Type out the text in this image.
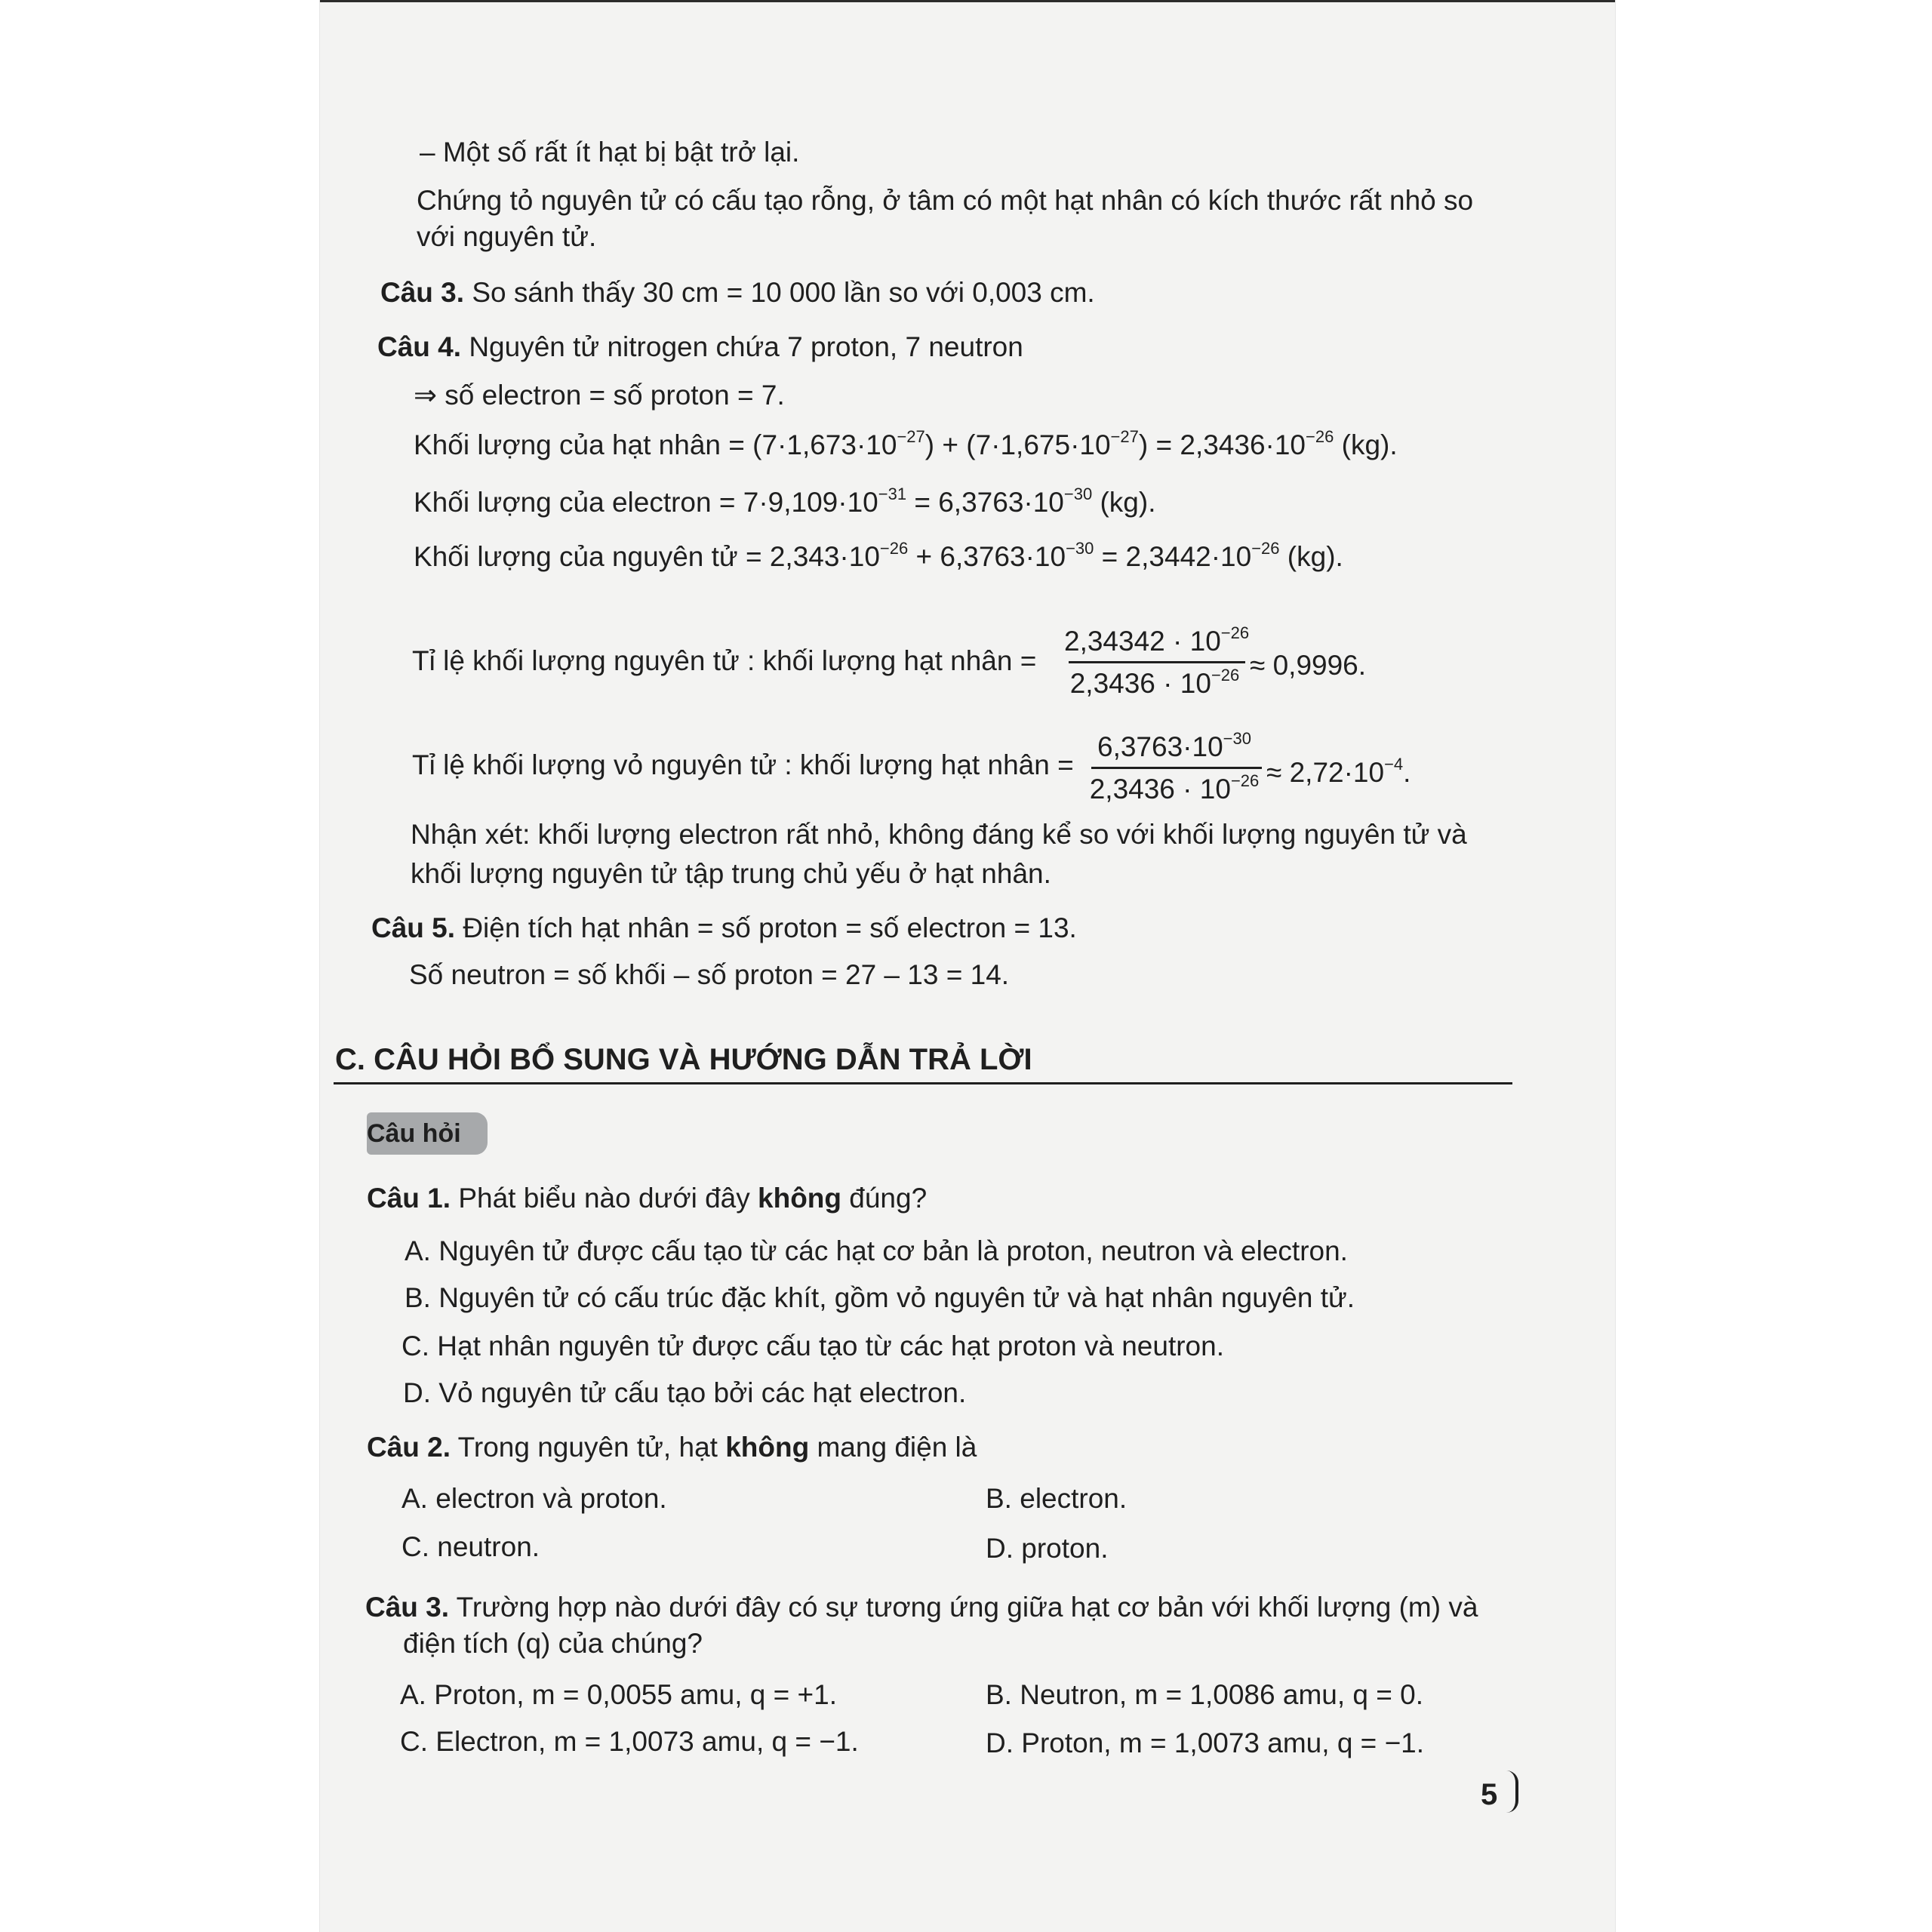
– Một số rất ít hạt bị bật trở lại.
Chứng tỏ nguyên tử có cấu tạo rỗng, ở tâm có một hạt nhân có kích thước rất nhỏ so
với nguyên tử.
Câu 3. So sánh thấy 30 cm = 10 000 lần so với 0,003 cm.
Câu 4. Nguyên tử nitrogen chứa 7 proton, 7 neutron
⇒ số electron = số proton = 7.
Khối lượng của hạt nhân = $(7\cdot 1,673\cdot 10^{-27}) + (7\cdot 1,675\cdot 10^{-27}) = 2,3436\cdot 10^{-26}$ (kg).
Khối lượng của electron = $7\cdot 9,109\cdot 10^{-31} = 6,3763\cdot 10^{-30}$ (kg).
Khối lượng của nguyên tử = $2,343\cdot 10^{-26} + 6,3763\cdot 10^{-30} = 2,3442\cdot 10^{-26}$ (kg).
Tỉ lệ khối lượng nguyên tử : khối lượng hạt nhân =
$2,34342 \cdot 10^{-26}$
$2,3436 \cdot 10^{-26} \approx 0,9996$.
Tỉ lệ khối lượng vỏ nguyên tử : khối lượng hạt nhân =
$6,3763\cdot 10^{-30}$
$2,3436 \cdot 10^{-26} \approx 2,72\cdot 10^{-4}$.
Nhận xét: khối lượng electron rất nhỏ, không đáng kể so với khối lượng nguyên tử và
khối lượng nguyên tử tập trung chủ yếu ở hạt nhân.
Câu 5. Điện tích hạt nhân = số proton = số electron = 13.
Số neutron = số khối – số proton = 27 – 13 = 14.
C. CÂU HỎI BỔ SUNG VÀ HƯỚNG DẪN TRẢ LỜI
Câu hỏi
Câu 1. Phát biểu nào dưới đây không đúng?
A. Nguyên tử được cấu tạo từ các hạt cơ bản là proton, neutron và electron.
B. Nguyên tử có cấu trúc đặc khít, gồm vỏ nguyên tử và hạt nhân nguyên tử.
C. Hạt nhân nguyên tử được cấu tạo từ các hạt proton và neutron.
D. Vỏ nguyên tử cấu tạo bởi các hạt electron.
Câu 2. Trong nguyên tử, hạt không mang điện là
A. electron và proton.	B. electron.
C. neutron.	D. proton.
Câu 3. Trường hợp nào dưới đây có sự tương ứng giữa hạt cơ bản với khối lượng (m) và
điện tích (q) của chúng?
A. Proton, m = 0,0055 amu, q = +1.	B. Neutron, m = 1,0086 amu, q = 0.
C. Electron, m = 1,0073 amu, q = −1.	D. Proton, m = 1,0073 amu, q = −1.
5
